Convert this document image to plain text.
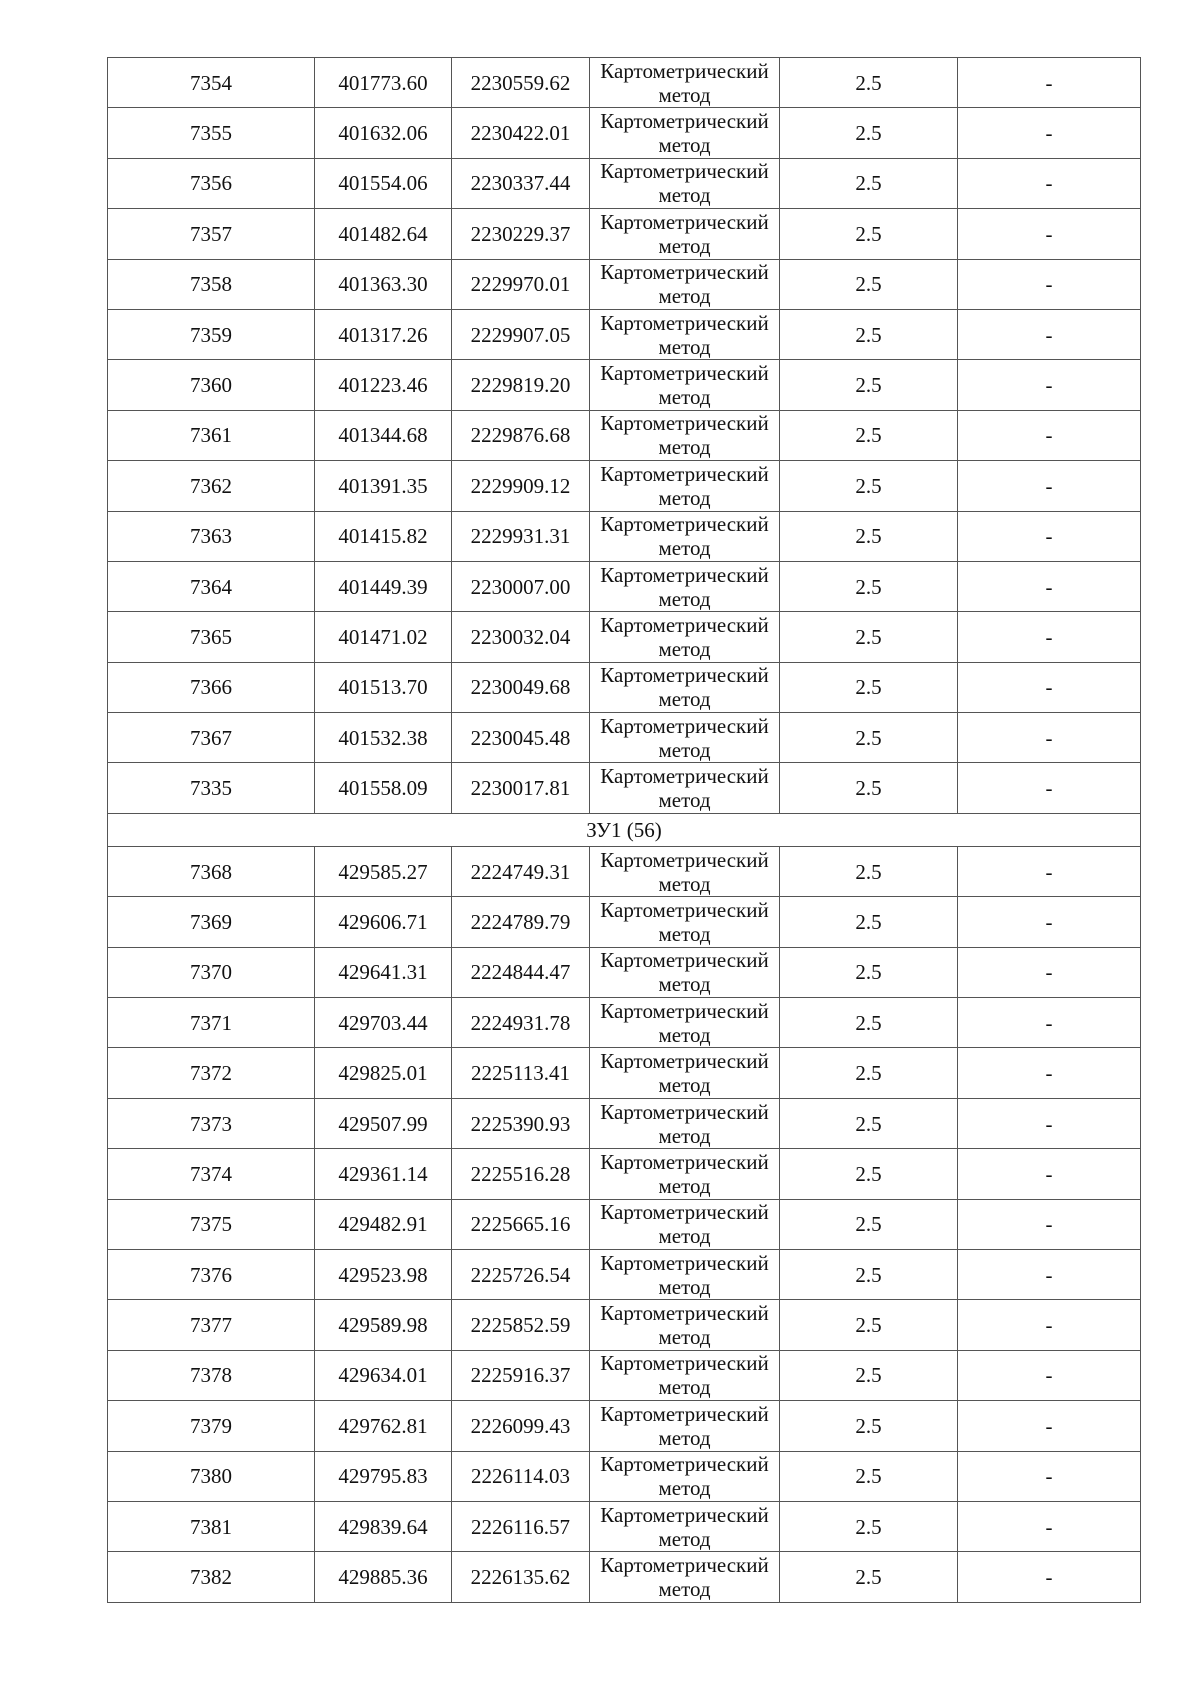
7354	401773.60	2230559.62	Картометрический
метод	2.5	-
7355	401632.06	2230422.01	Картометрический
метод	2.5	-
7356	401554.06	2230337.44	Картометрический
метод	2.5	-
7357	401482.64	2230229.37	Картометрический
метод	2.5	-
7358	401363.30	2229970.01	Картометрический
метод	2.5	-
7359	401317.26	2229907.05	Картометрический
метод	2.5	-
7360	401223.46	2229819.20	Картометрический
метод	2.5	-
7361	401344.68	2229876.68	Картометрический
метод	2.5	-
7362	401391.35	2229909.12	Картометрический
метод	2.5	-
7363	401415.82	2229931.31	Картометрический
метод	2.5	-
7364	401449.39	2230007.00	Картометрический
метод	2.5	-
7365	401471.02	2230032.04	Картометрический
метод	2.5	-
7366	401513.70	2230049.68	Картометрический
метод	2.5	-
7367	401532.38	2230045.48	Картометрический
метод	2.5	-
7335	401558.09	2230017.81	Картометрический
метод	2.5	-
ЗУ1 (56)					
7368	429585.27	2224749.31	Картометрический
метод	2.5	-
7369	429606.71	2224789.79	Картометрический
метод	2.5	-
7370	429641.31	2224844.47	Картометрический
метод	2.5	-
7371	429703.44	2224931.78	Картометрический
метод	2.5	-
7372	429825.01	2225113.41	Картометрический
метод	2.5	-
7373	429507.99	2225390.93	Картометрический
метод	2.5	-
7374	429361.14	2225516.28	Картометрический
метод	2.5	-
7375	429482.91	2225665.16	Картометрический
метод	2.5	-
7376	429523.98	2225726.54	Картометрический
метод	2.5	-
7377	429589.98	2225852.59	Картометрический
метод	2.5	-
7378	429634.01	2225916.37	Картометрический
метод	2.5	-
7379	429762.81	2226099.43	Картометрический
метод	2.5	-
7380	429795.83	2226114.03	Картометрический
метод	2.5	-
7381	429839.64	2226116.57	Картометрический
метод	2.5	-
7382	429885.36	2226135.62	Картометрический
метод	2.5	-
